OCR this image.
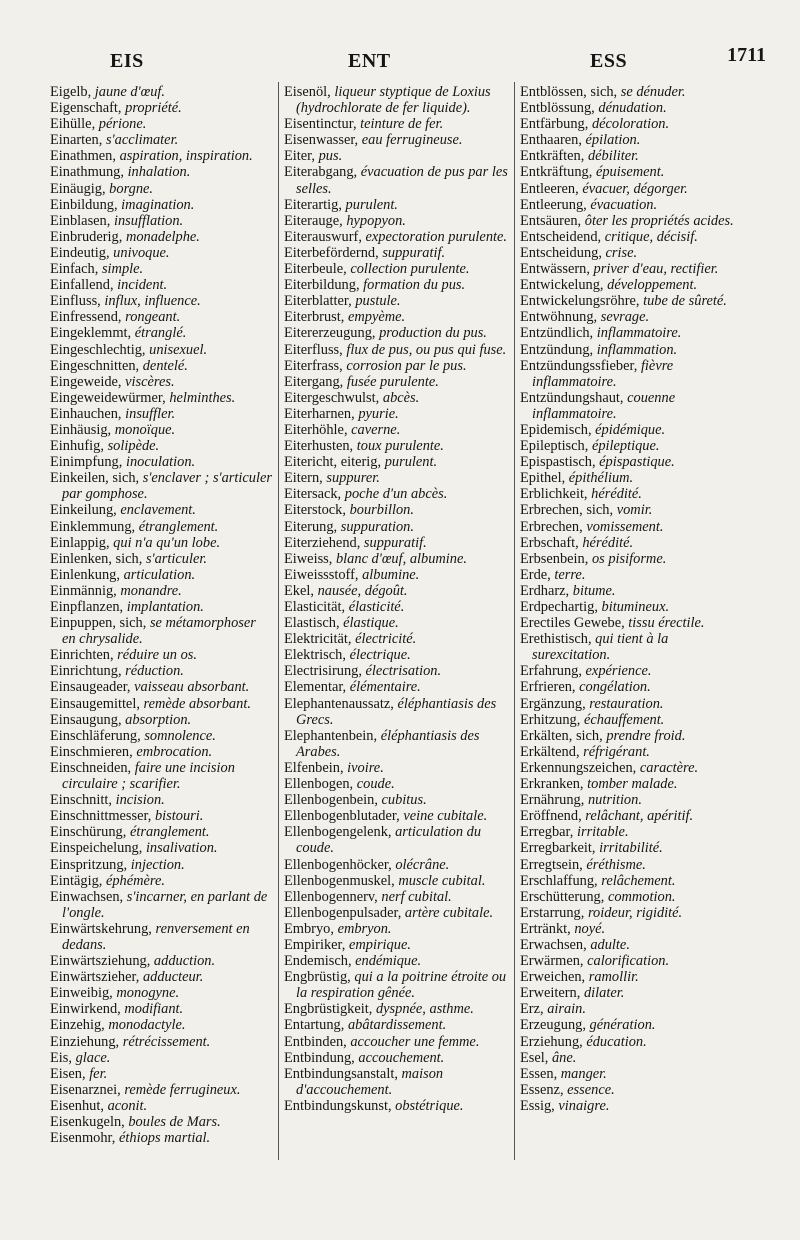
EIS	ENT	ESS	1711
Eigelb, jaune d'œuf.
Eigenschaft, propriété.
Eihülle, périone.
Einarten, s'acclimater.
Einathmen, aspiration, inspiration.
Einathmung, inhalation.
Einäugig, borgne.
Einbildung, imagination.
Einblasen, insufflation.
Einbruderig, monadelphe.
Eindeutig, univoque.
Einfach, simple.
Einfallend, incident.
Einfluss, influx, influence.
Einfressend, rongeant.
Eingeklemmt, étranglé.
Eingeschlechtig, unisexuel.
Eingeschnitten, dentelé.
Eingeweide, viscères.
Eingeweidewürmer, helminthes.
Einhauchen, insuffler.
Einhäusig, monoïque.
Einhufig, solipède.
Einimpfung, inoculation.
Einkeilen, sich, s'enclaver ; s'articuler par gomphose.
Einkeilung, enclavement.
Einklemmung, étranglement.
Einlappig, qui n'a qu'un lobe.
Einlenken, sich, s'articuler.
Einlenkung, articulation.
Einmännig, monandre.
Einpflanzen, implantation.
Einpuppen, sich, se métamorphoser en chrysalide.
Einrichten, réduire un os.
Einrichtung, réduction.
Einsaugeader, vaisseau absorbant.
Einsaugemittel, remède absorbant.
Einsaugung, absorption.
Einschläferung, somnolence.
Einschmieren, embrocation.
Einschneiden, faire une incision circulaire ; scarifier.
Einschnitt, incision.
Einschnittmesser, bistouri.
Einschürung, étranglement.
Einspeichelung, insalivation.
Einspritzung, injection.
Eintägig, éphémère.
Einwachsen, s'incarner, en parlant de l'ongle.
Einwärtskehrung, renversement en dedans.
Einwärtsziehung, adduction.
Einwärtszieher, adducteur.
Einweibig, monogyne.
Einwirkend, modifiant.
Einzehig, monodactyle.
Einziehung, rétrécissement.
Eis, glace.
Eisen, fer.
Eisenarznei, remède ferrugineux.
Eisenhut, aconit.
Eisenkugeln, boules de Mars.
Eisenmohr, éthiops martial.
Eisenöl, liqueur styptique de Loxius (hydrochlorate de fer liquide).
Eisentinctur, teinture de fer.
Eisenwasser, eau ferrugineuse.
Eiter, pus.
Eiterabgang, évacuation de pus par les selles.
Eiterartig, purulent.
Eiterauge, hypopyon.
Eiterauswurf, expectoration purulente.
Eiterbefördernd, suppuratif.
Eiterbeule, collection purulente.
Eiterbildung, formation du pus.
Eiterblatter, pustule.
Eiterbrust, empyème.
Eitererzeugung, production du pus.
Eiterfluss, flux de pus, ou pus qui fuse.
Eiterfrass, corrosion par le pus.
Eitergang, fusée purulente.
Eitergeschwulst, abcès.
Eiterharnen, pyurie.
Eiterhöhle, caverne.
Eiterhusten, toux purulente.
Eitericht, eiterig, purulent.
Eitern, suppurer.
Eitersack, poche d'un abcès.
Eiterstock, bourbillon.
Eiterung, suppuration.
Eiterziehend, suppuratif.
Eiweiss, blanc d'œuf, albumine.
Eiweissstoff, albumine.
Ekel, nausée, dégoût.
Elasticität, élasticité.
Elastisch, élastique.
Elektricität, électricité.
Elektrisch, électrique.
Electrisirung, électrisation.
Elementar, élémentaire.
Elephantenaussatz, éléphantiasis des Grecs.
Elephantenbein, éléphantiasis des Arabes.
Elfenbein, ivoire.
Ellenbogen, coude.
Ellenbogenbein, cubitus.
Ellenbogenblutader, veine cubitale.
Ellenbogengelenk, articulation du coude.
Ellenbogenhöcker, olécrâne.
Ellenbogenmuskel, muscle cubital.
Ellenbogennerv, nerf cubital.
Ellenbogenpulsader, artère cubitale.
Embryo, embryon.
Empiriker, empirique.
Endemisch, endémique.
Engbrüstig, qui a la poitrine étroite ou la respiration gênée.
Engbrüstigkeit, dyspnée, asthme.
Entartung, abâtardissement.
Entbinden, accoucher une femme.
Entbindung, accouchement.
Entbindungsanstalt, maison d'accouchement.
Entbindungskunst, obstétrique.
Entblössen, sich, se dénuder.
Entblössung, dénudation.
Entfärbung, décoloration.
Enthaaren, épilation.
Entkräften, débiliter.
Entkräftung, épuisement.
Entleeren, évacuer, dégorger.
Entleerung, évacuation.
Entsäuren, ôter les propriétés acides.
Entscheidend, critique, décisif.
Entscheidung, crise.
Entwässern, priver d'eau, rectifier.
Entwickelung, développement.
Entwickelungsröhre, tube de sûreté.
Entwöhnung, sevrage.
Entzündlich, inflammatoire.
Entzündung, inflammation.
Entzündungssfieber, fièvre inflammatoire.
Entzündungshaut, couenne inflammatoire.
Epidemisch, épidémique.
Epileptisch, épileptique.
Epispastisch, épispastique.
Epithel, épithélium.
Erblichkeit, hérédité.
Erbrechen, sich, vomir.
Erbrechen, vomissement.
Erbschaft, hérédité.
Erbsenbein, os pisiforme.
Erde, terre.
Erdharz, bitume.
Erdpechartig, bitumineux.
Erectiles Gewebe, tissu érectile.
Erethistisch, qui tient à la surexcitation.
Erfahrung, expérience.
Erfrieren, congélation.
Ergänzung, restauration.
Erhitzung, échauffement.
Erkälten, sich, prendre froid.
Erkältend, réfrigérant.
Erkennungszeichen, caractère.
Erkranken, tomber malade.
Ernährung, nutrition.
Eröffnend, relâchant, apéritif.
Erregbar, irritable.
Erregbarkeit, irritabilité.
Erregtsein, éréthisme.
Erschlaffung, relâchement.
Erschütterung, commotion.
Erstarrung, roideur, rigidité.
Ertränkt, noyé.
Erwachsen, adulte.
Erwärmen, calorification.
Erweichen, ramollir.
Erweitern, dilater.
Erz, airain.
Erzeugung, génération.
Erziehung, éducation.
Esel, âne.
Essen, manger.
Essenz, essence.
Essig, vinaigre.
